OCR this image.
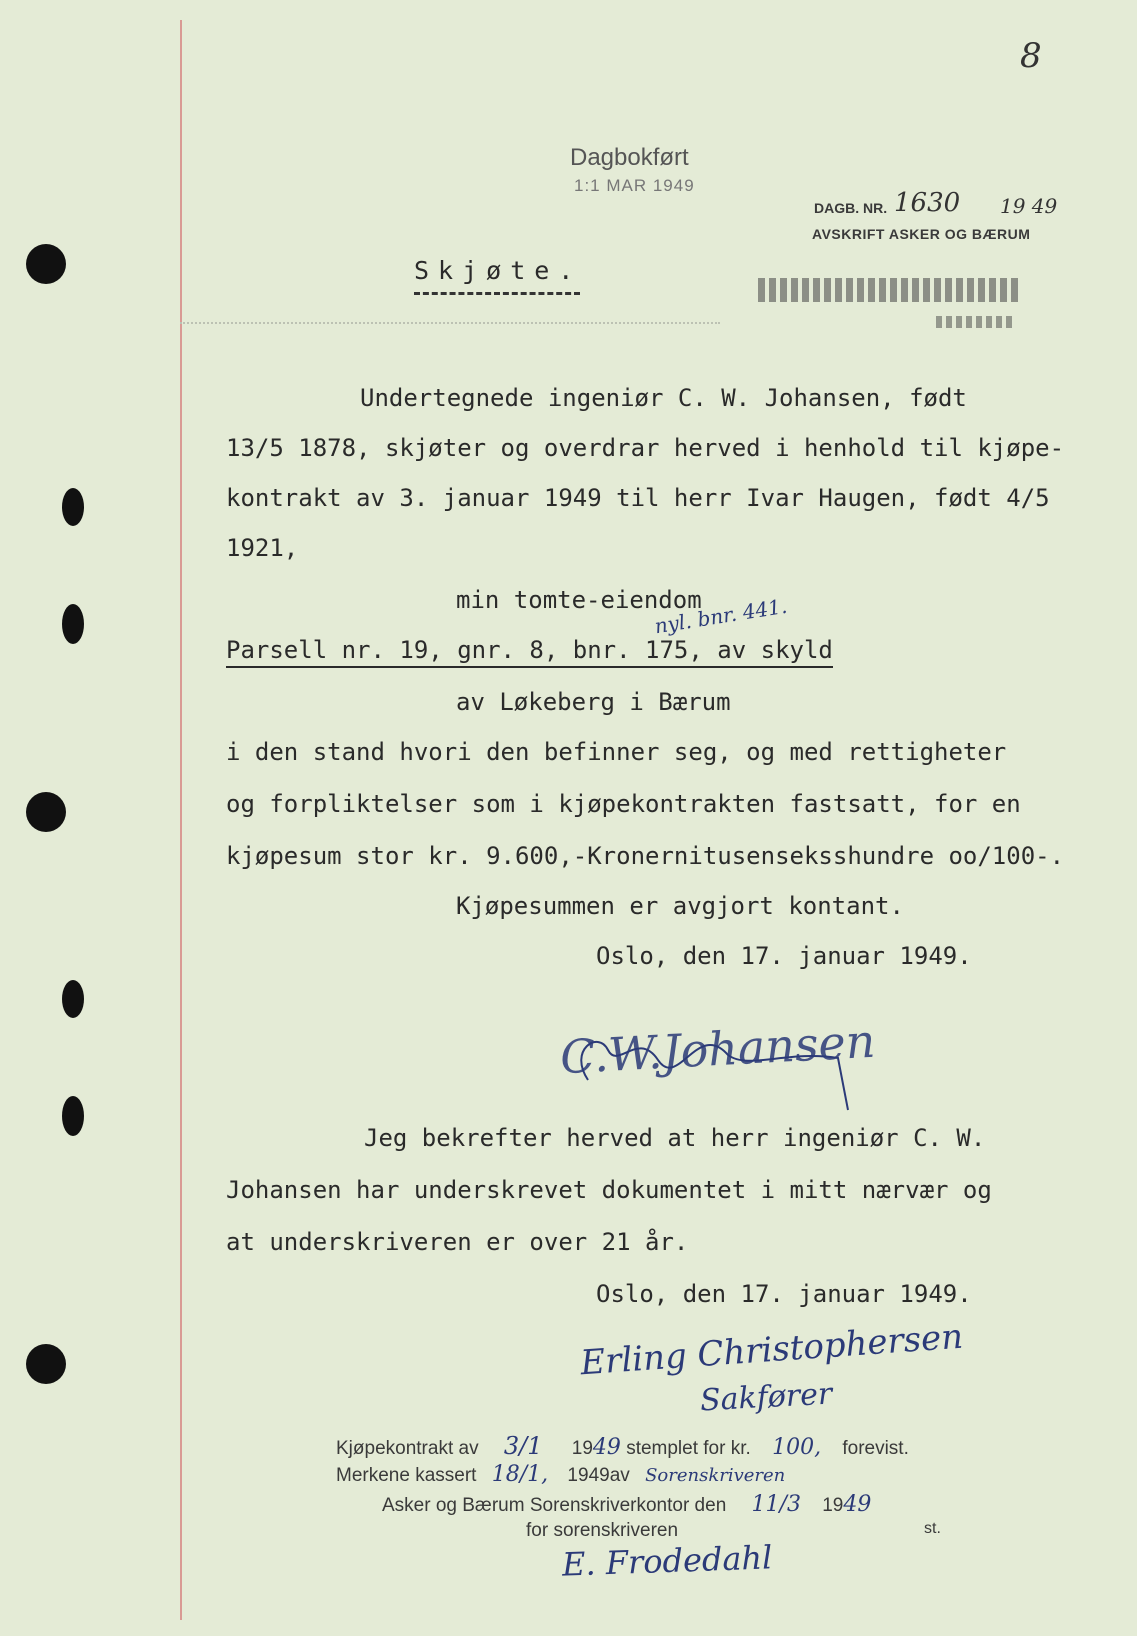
8
Dagbokført
1:1 MAR 1949
DAGB. NR. 1630 19 49
AVSKRIFT ASKER OG BÆRUM
Skjøte.
Undertegnede ingeniør C. W. Johansen, født
13/5 1878, skjøter og overdrar herved i henhold til kjøpe-
kontrakt av 3. januar 1949 til herr Ivar Haugen, født 4/5
1921,
min tomte-eiendom
Parsell nr. 19, gnr. 8, bnr. 175, av skyld
nyl. bnr. 441.
av Løkeberg i Bærum
i den stand hvori den befinner seg, og med rettigheter
og forpliktelser som i kjøpekontrakten fastsatt, for en
kjøpesum stor kr. 9.600,-Kronernitusenseksshundre oo/100-.
Kjøpesummen er avgjort kontant.
Oslo, den 17. januar 1949.
C.W.Johansen
Jeg bekrefter herved at herr ingeniør C. W.
Johansen har underskrevet dokumentet i mitt nærvær og
at underskriveren er over 21 år.
Oslo, den 17. januar 1949.
Erling Christophersen
Sakfører
Kjøpekontrakt av 3/1 1949 stemplet for kr. 100, forevist.
Merkene kassert 18/1, 1949av Sorenskriveren
Asker og Bærum Sorenskriverkontor den 11/3 1949
for sorenskriveren	st.
E. Frodedahl
